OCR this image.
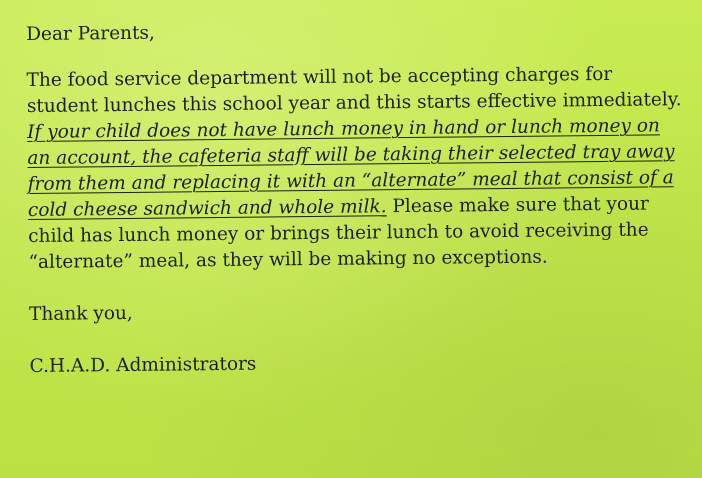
Dear Parents,

The food service department will not be accepting charges for student lunches this school year and this starts effective immediately. If your child does not have lunch money in hand or lunch money on an account, the cafeteria staff will be taking their selected tray away from them and replacing it with an “alternate” meal that consist of a cold cheese sandwich and whole milk. Please make sure that your child has lunch money or brings their lunch to avoid receiving the “alternate” meal, as they will be making no exceptions.

Thank you,

C.H.A.D. Administrators
